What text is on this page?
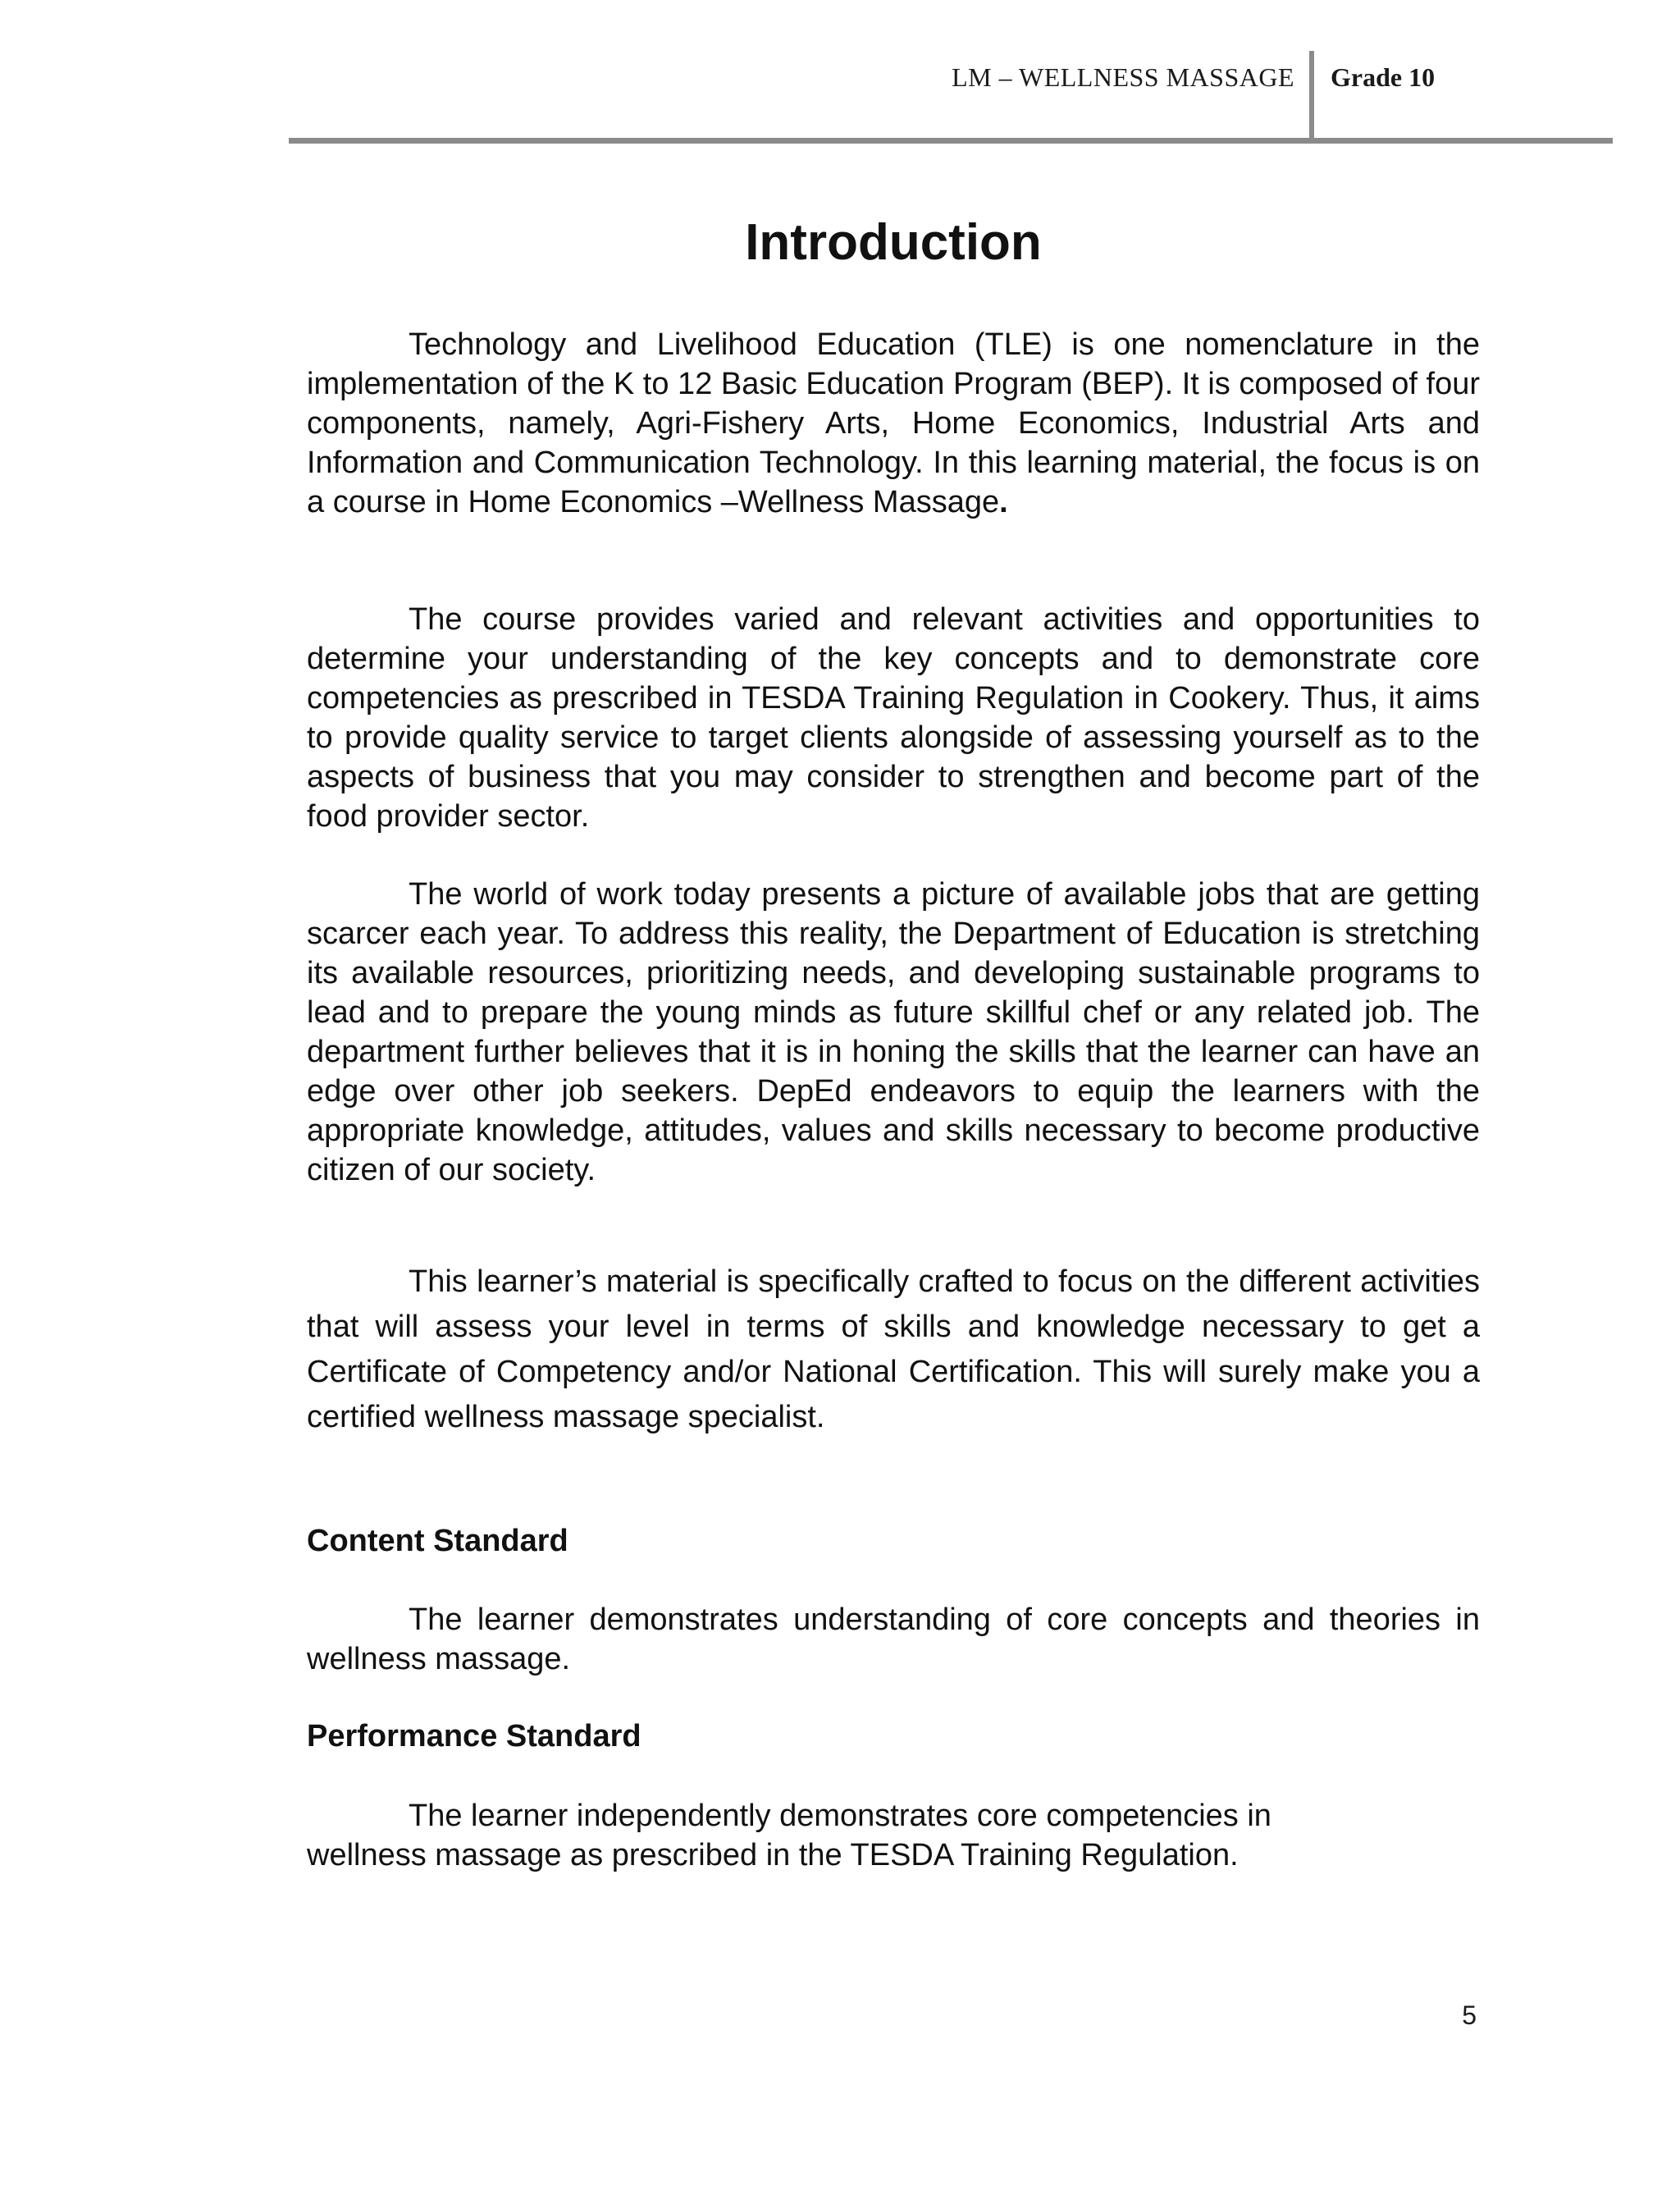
LM – WELLNESS MASSAGE Grade 10
Introduction

Technology and Livelihood Education (TLE) is one nomenclature in the implementation of the K to 12 Basic Education Program (BEP). It is composed of four components, namely, Agri-Fishery Arts, Home Economics, Industrial Arts and Information and Communication Technology. In this learning material, the focus is on a course in Home Economics –Wellness Massage.

The course provides varied and relevant activities and opportunities to determine your understanding of the key concepts and to demonstrate core competencies as prescribed in TESDA Training Regulation in Cookery. Thus, it aims to provide quality service to target clients alongside of assessing yourself as to the aspects of business that you may consider to strengthen and become part of the food provider sector.

The world of work today presents a picture of available jobs that are getting scarcer each year. To address this reality, the Department of Education is stretching its available resources, prioritizing needs, and developing sustainable programs to lead and to prepare the young minds as future skillful chef or any related job. The department further believes that it is in honing the skills that the learner can have an edge over other job seekers. DepEd endeavors to equip the learners with the appropriate knowledge, attitudes, values and skills necessary to become productive citizen of our society.

This learner’s material is specifically crafted to focus on the different activities that will assess your level in terms of skills and knowledge necessary to get a Certificate of Competency and/or National Certification. This will surely make you a certified wellness massage specialist.

Content Standard

The learner demonstrates understanding of core concepts and theories in wellness massage.

Performance Standard

The learner independently demonstrates core competencies in
wellness massage as prescribed in the TESDA Training Regulation.

5
